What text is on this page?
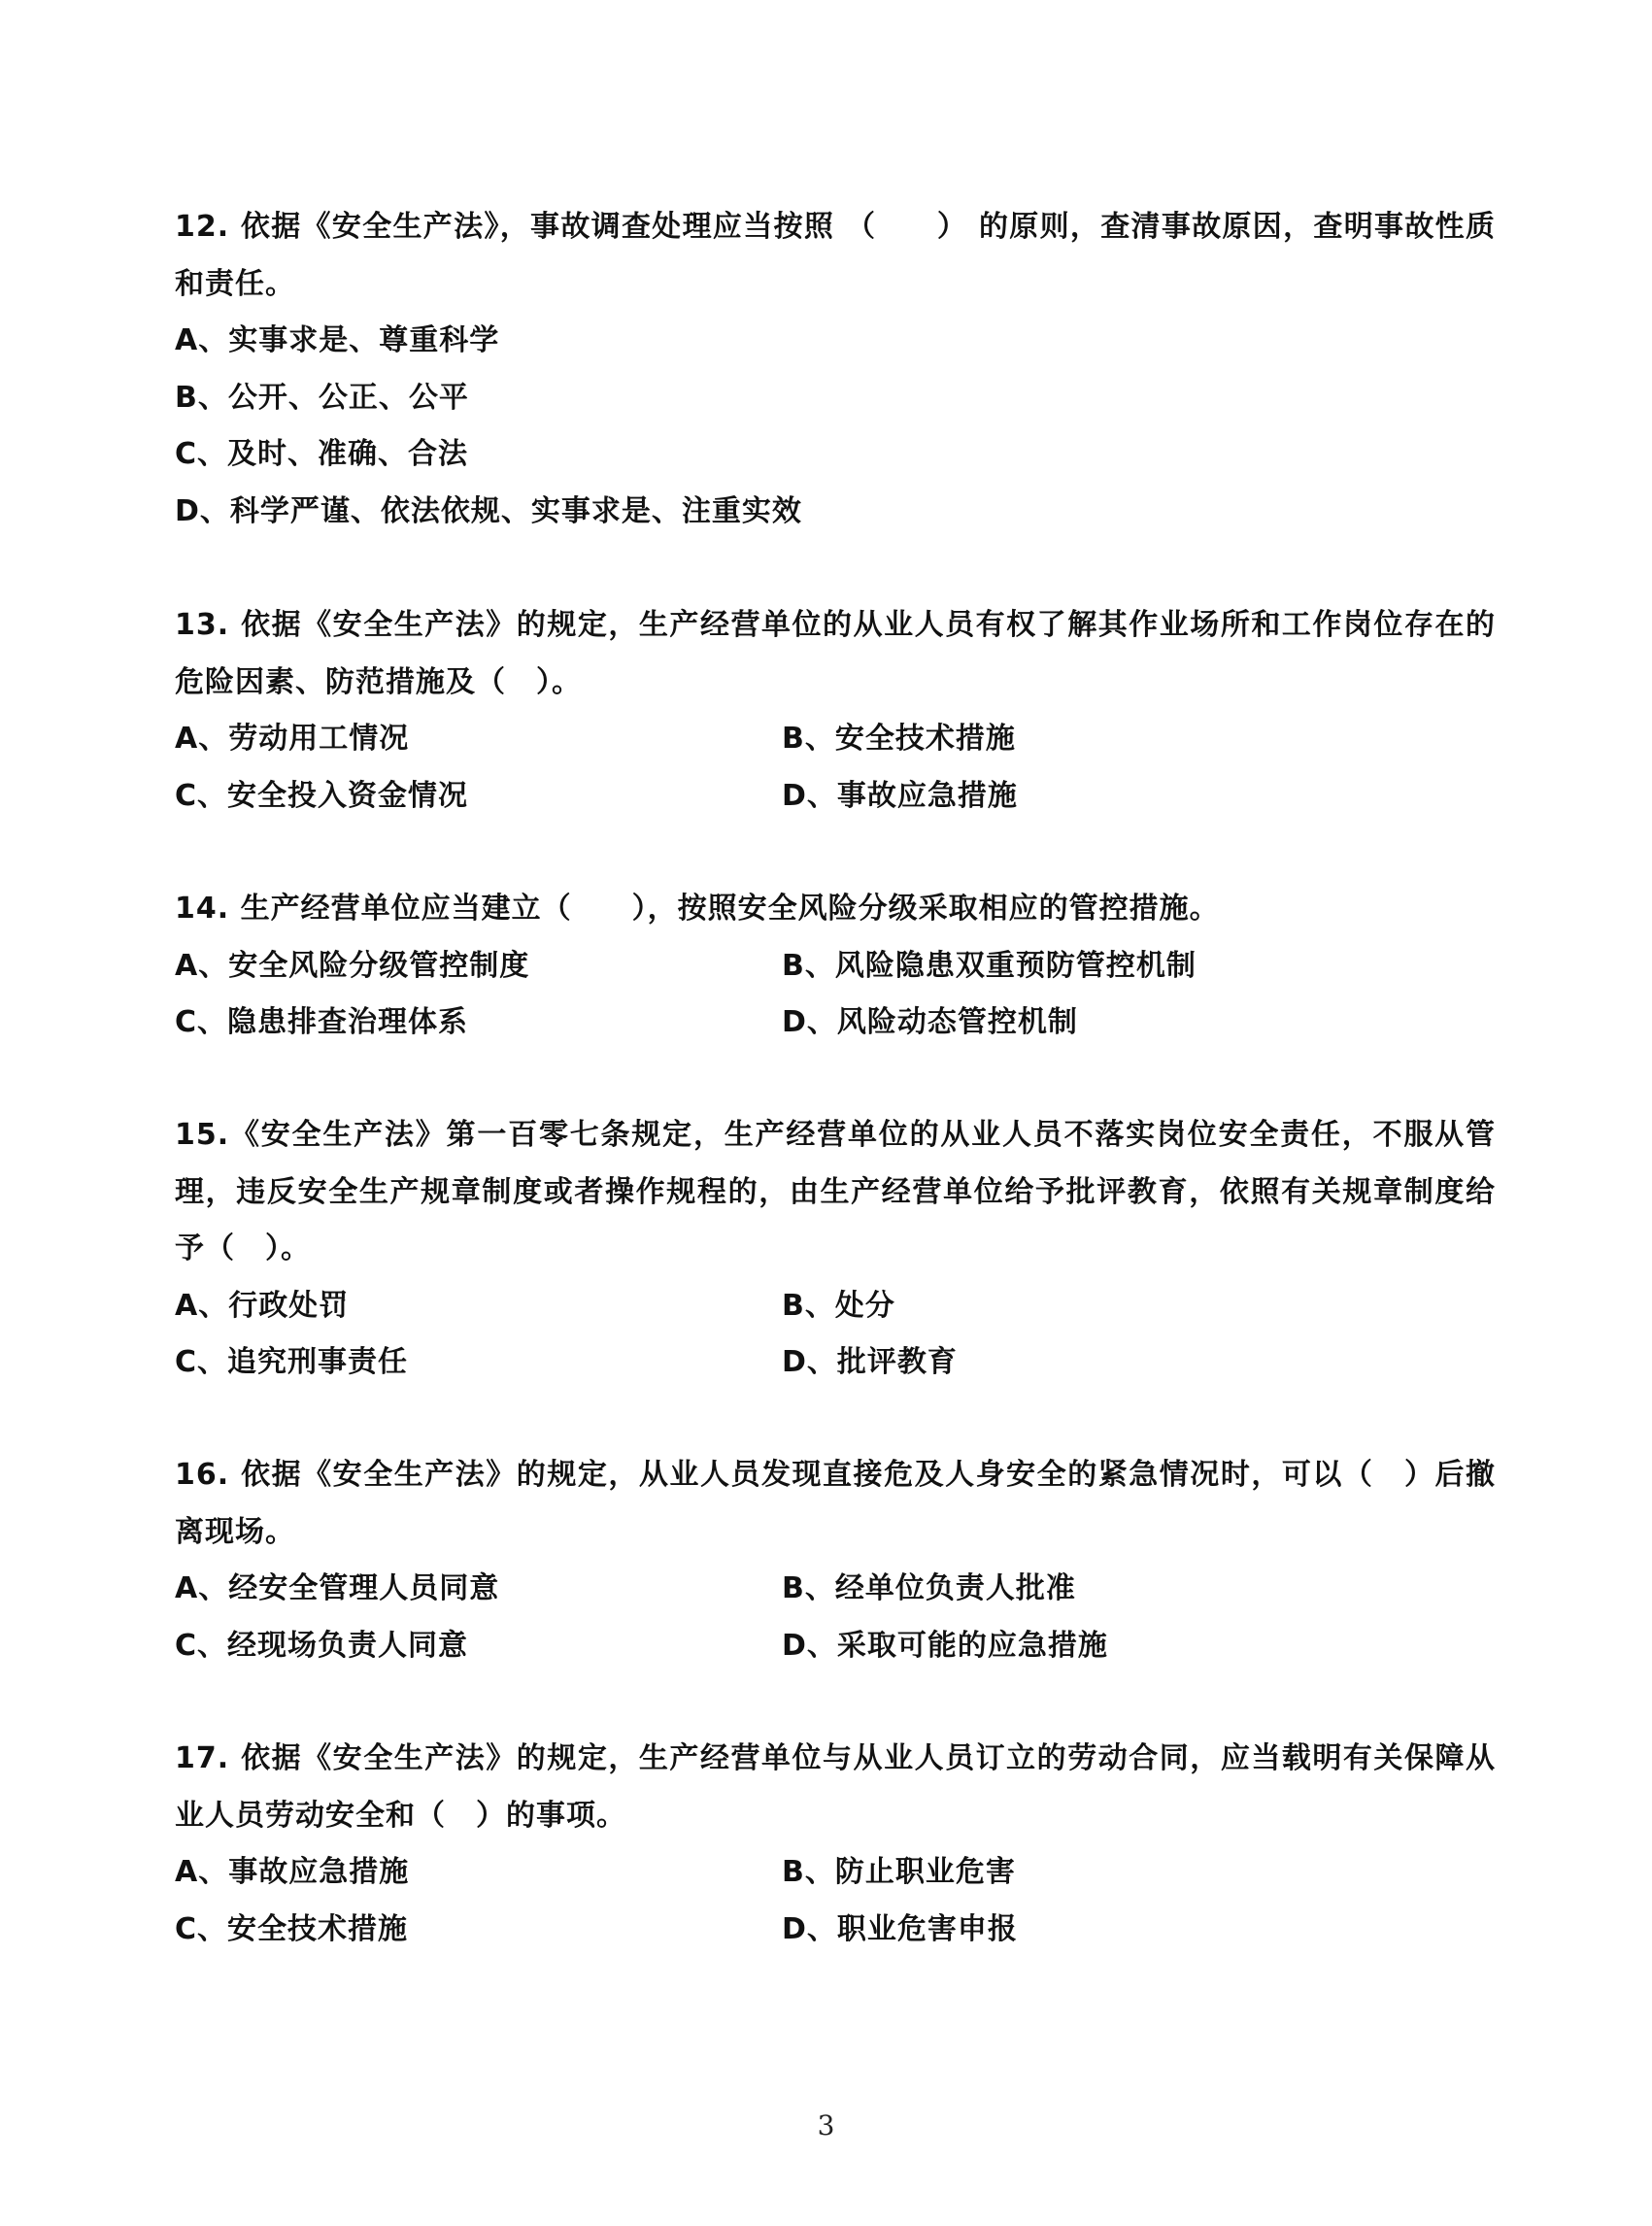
12. 依据《安全生产法》，事故调查处理应当按照 （　　） 的原则，查清事故原因，查明事故性质和责任。

A、实事求是、尊重科学
B、公开、公正、公平
C、及时、准确、合法
D、科学严谨、依法依规、实事求是、注重实效

13. 依据《安全生产法》的规定，生产经营单位的从业人员有权了解其作业场所和工作岗位存在的危险因素、防范措施及（　）。

A、劳动用工情况	B、安全技术措施
C、安全投入资金情况	D、事故应急措施

14. 生产经营单位应当建立（　　），按照安全风险分级采取相应的管控措施。

A、安全风险分级管控制度	B、风险隐患双重预防管控机制
C、隐患排查治理体系	D、风险动态管控机制

15.《安全生产法》第一百零七条规定，生产经营单位的从业人员不落实岗位安全责任，不服从管理，违反安全生产规章制度或者操作规程的，由生产经营单位给予批评教育，依照有关规章制度给予（　）。

A、行政处罚	B、处分
C、追究刑事责任	D、批评教育

16. 依据《安全生产法》的规定，从业人员发现直接危及人身安全的紧急情况时，可以（　）后撤离现场。

A、经安全管理人员同意	B、经单位负责人批准
C、经现场负责人同意	D、采取可能的应急措施

17. 依据《安全生产法》的规定，生产经营单位与从业人员订立的劳动合同，应当载明有关保障从业人员劳动安全和（　）的事项。

A、事故应急措施	B、防止职业危害
C、安全技术措施	D、职业危害申报
3
